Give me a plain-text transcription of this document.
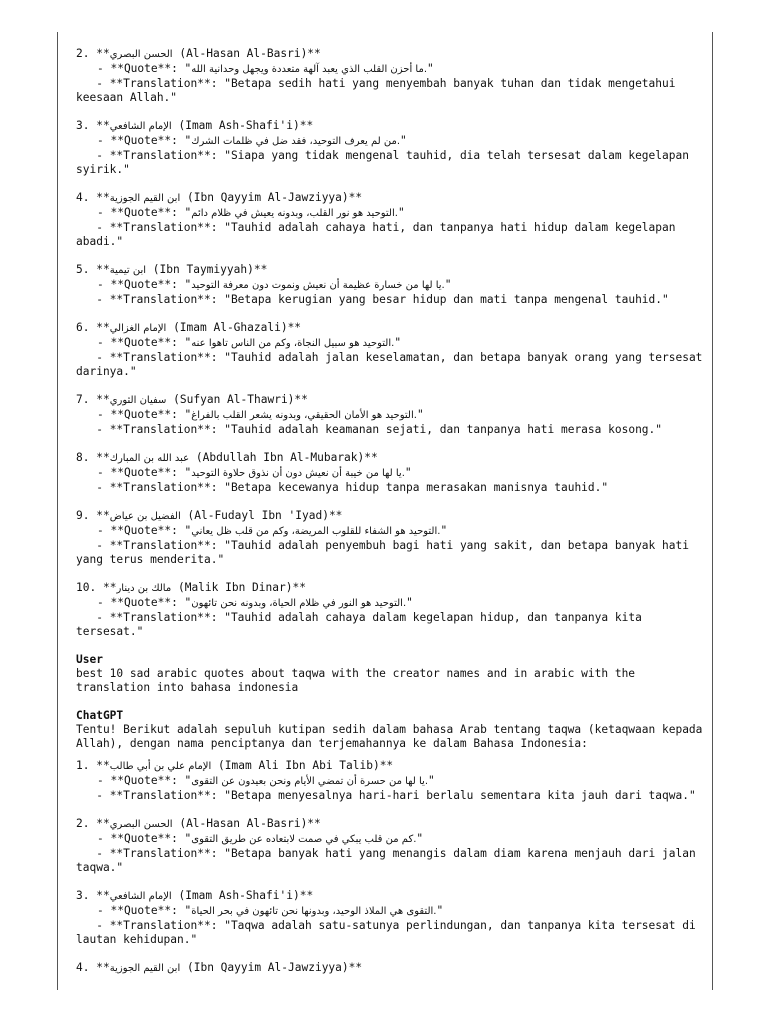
2. **الحسن البصري (Al-Hasan Al-Basri)**
- **Quote**: "ما أحزن القلب الذي يعبد آلهة متعددة ويجهل وحدانية الله."
- **Translation**: "Betapa sedih hati yang menyembah banyak tuhan dan tidak mengetahui keesaan Allah."
3. **الإمام الشافعي (Imam Ash-Shafi'i)**
- **Quote**: "من لم يعرف التوحيد، فقد ضل في ظلمات الشرك."
- **Translation**: "Siapa yang tidak mengenal tauhid, dia telah tersesat dalam kegelapan syirik."
4. **ابن القيم الجوزية (Ibn Qayyim Al-Jawziyya)**
- **Quote**: "التوحيد هو نور القلب، وبدونه يعيش في ظلام دائم."
- **Translation**: "Tauhid adalah cahaya hati, dan tanpanya hati hidup dalam kegelapan abadi."
5. **ابن تيمية (Ibn Taymiyyah)**
- **Quote**: "يا لها من خسارة عظيمة أن نعيش ونموت دون معرفة التوحيد."
- **Translation**: "Betapa kerugian yang besar hidup dan mati tanpa mengenal tauhid."
6. **الإمام الغزالي (Imam Al-Ghazali)**
- **Quote**: "التوحيد هو سبيل النجاة، وكم من الناس تاهوا عنه."
- **Translation**: "Tauhid adalah jalan keselamatan, dan betapa banyak orang yang tersesat darinya."
7. **سفيان الثوري (Sufyan Al-Thawri)**
- **Quote**: "التوحيد هو الأمان الحقيقي، وبدونه يشعر القلب بالفراغ."
- **Translation**: "Tauhid adalah keamanan sejati, dan tanpanya hati merasa kosong."
8. **عبد الله بن المبارك (Abdullah Ibn Al-Mubarak)**
- **Quote**: "يا لها من خيبة أن نعيش دون أن نذوق حلاوة التوحيد."
- **Translation**: "Betapa kecewanya hidup tanpa merasakan manisnya tauhid."
9. **الفضيل بن عياض (Al-Fudayl Ibn 'Iyad)**
- **Quote**: "التوحيد هو الشفاء للقلوب المريضة، وكم من قلب ظل يعاني."
- **Translation**: "Tauhid adalah penyembuh bagi hati yang sakit, dan betapa banyak hati yang terus menderita."
10. **مالك بن دينار (Malik Ibn Dinar)**
- **Quote**: "التوحيد هو النور في ظلام الحياة، وبدونه نحن تائهون."
- **Translation**: "Tauhid adalah cahaya dalam kegelapan hidup, dan tanpanya kita tersesat."
User
best 10 sad arabic quotes about taqwa with the creator names and in arabic with the translation into bahasa indonesia
ChatGPT
Tentu! Berikut adalah sepuluh kutipan sedih dalam bahasa Arab tentang taqwa (ketaqwaan kepada Allah), dengan nama penciptanya dan terjemahannya ke dalam Bahasa Indonesia:
1. **الإمام علي بن أبي طالب (Imam Ali Ibn Abi Talib)**
- **Quote**: "يا لها من حسرة أن تمضي الأيام ونحن بعيدون عن التقوى."
- **Translation**: "Betapa menyesalnya hari-hari berlalu sementara kita jauh dari taqwa."
2. **الحسن البصري (Al-Hasan Al-Basri)**
- **Quote**: "كم من قلب يبكي في صمت لابتعاده عن طريق التقوى."
- **Translation**: "Betapa banyak hati yang menangis dalam diam karena menjauh dari jalan taqwa."
3. **الإمام الشافعي (Imam Ash-Shafi'i)**
- **Quote**: "التقوى هي الملاذ الوحيد، وبدونها نحن تائهون في بحر الحياة."
- **Translation**: "Taqwa adalah satu-satunya perlindungan, dan tanpanya kita tersesat di lautan kehidupan."
4. **ابن القيم الجوزية (Ibn Qayyim Al-Jawziyya)**
